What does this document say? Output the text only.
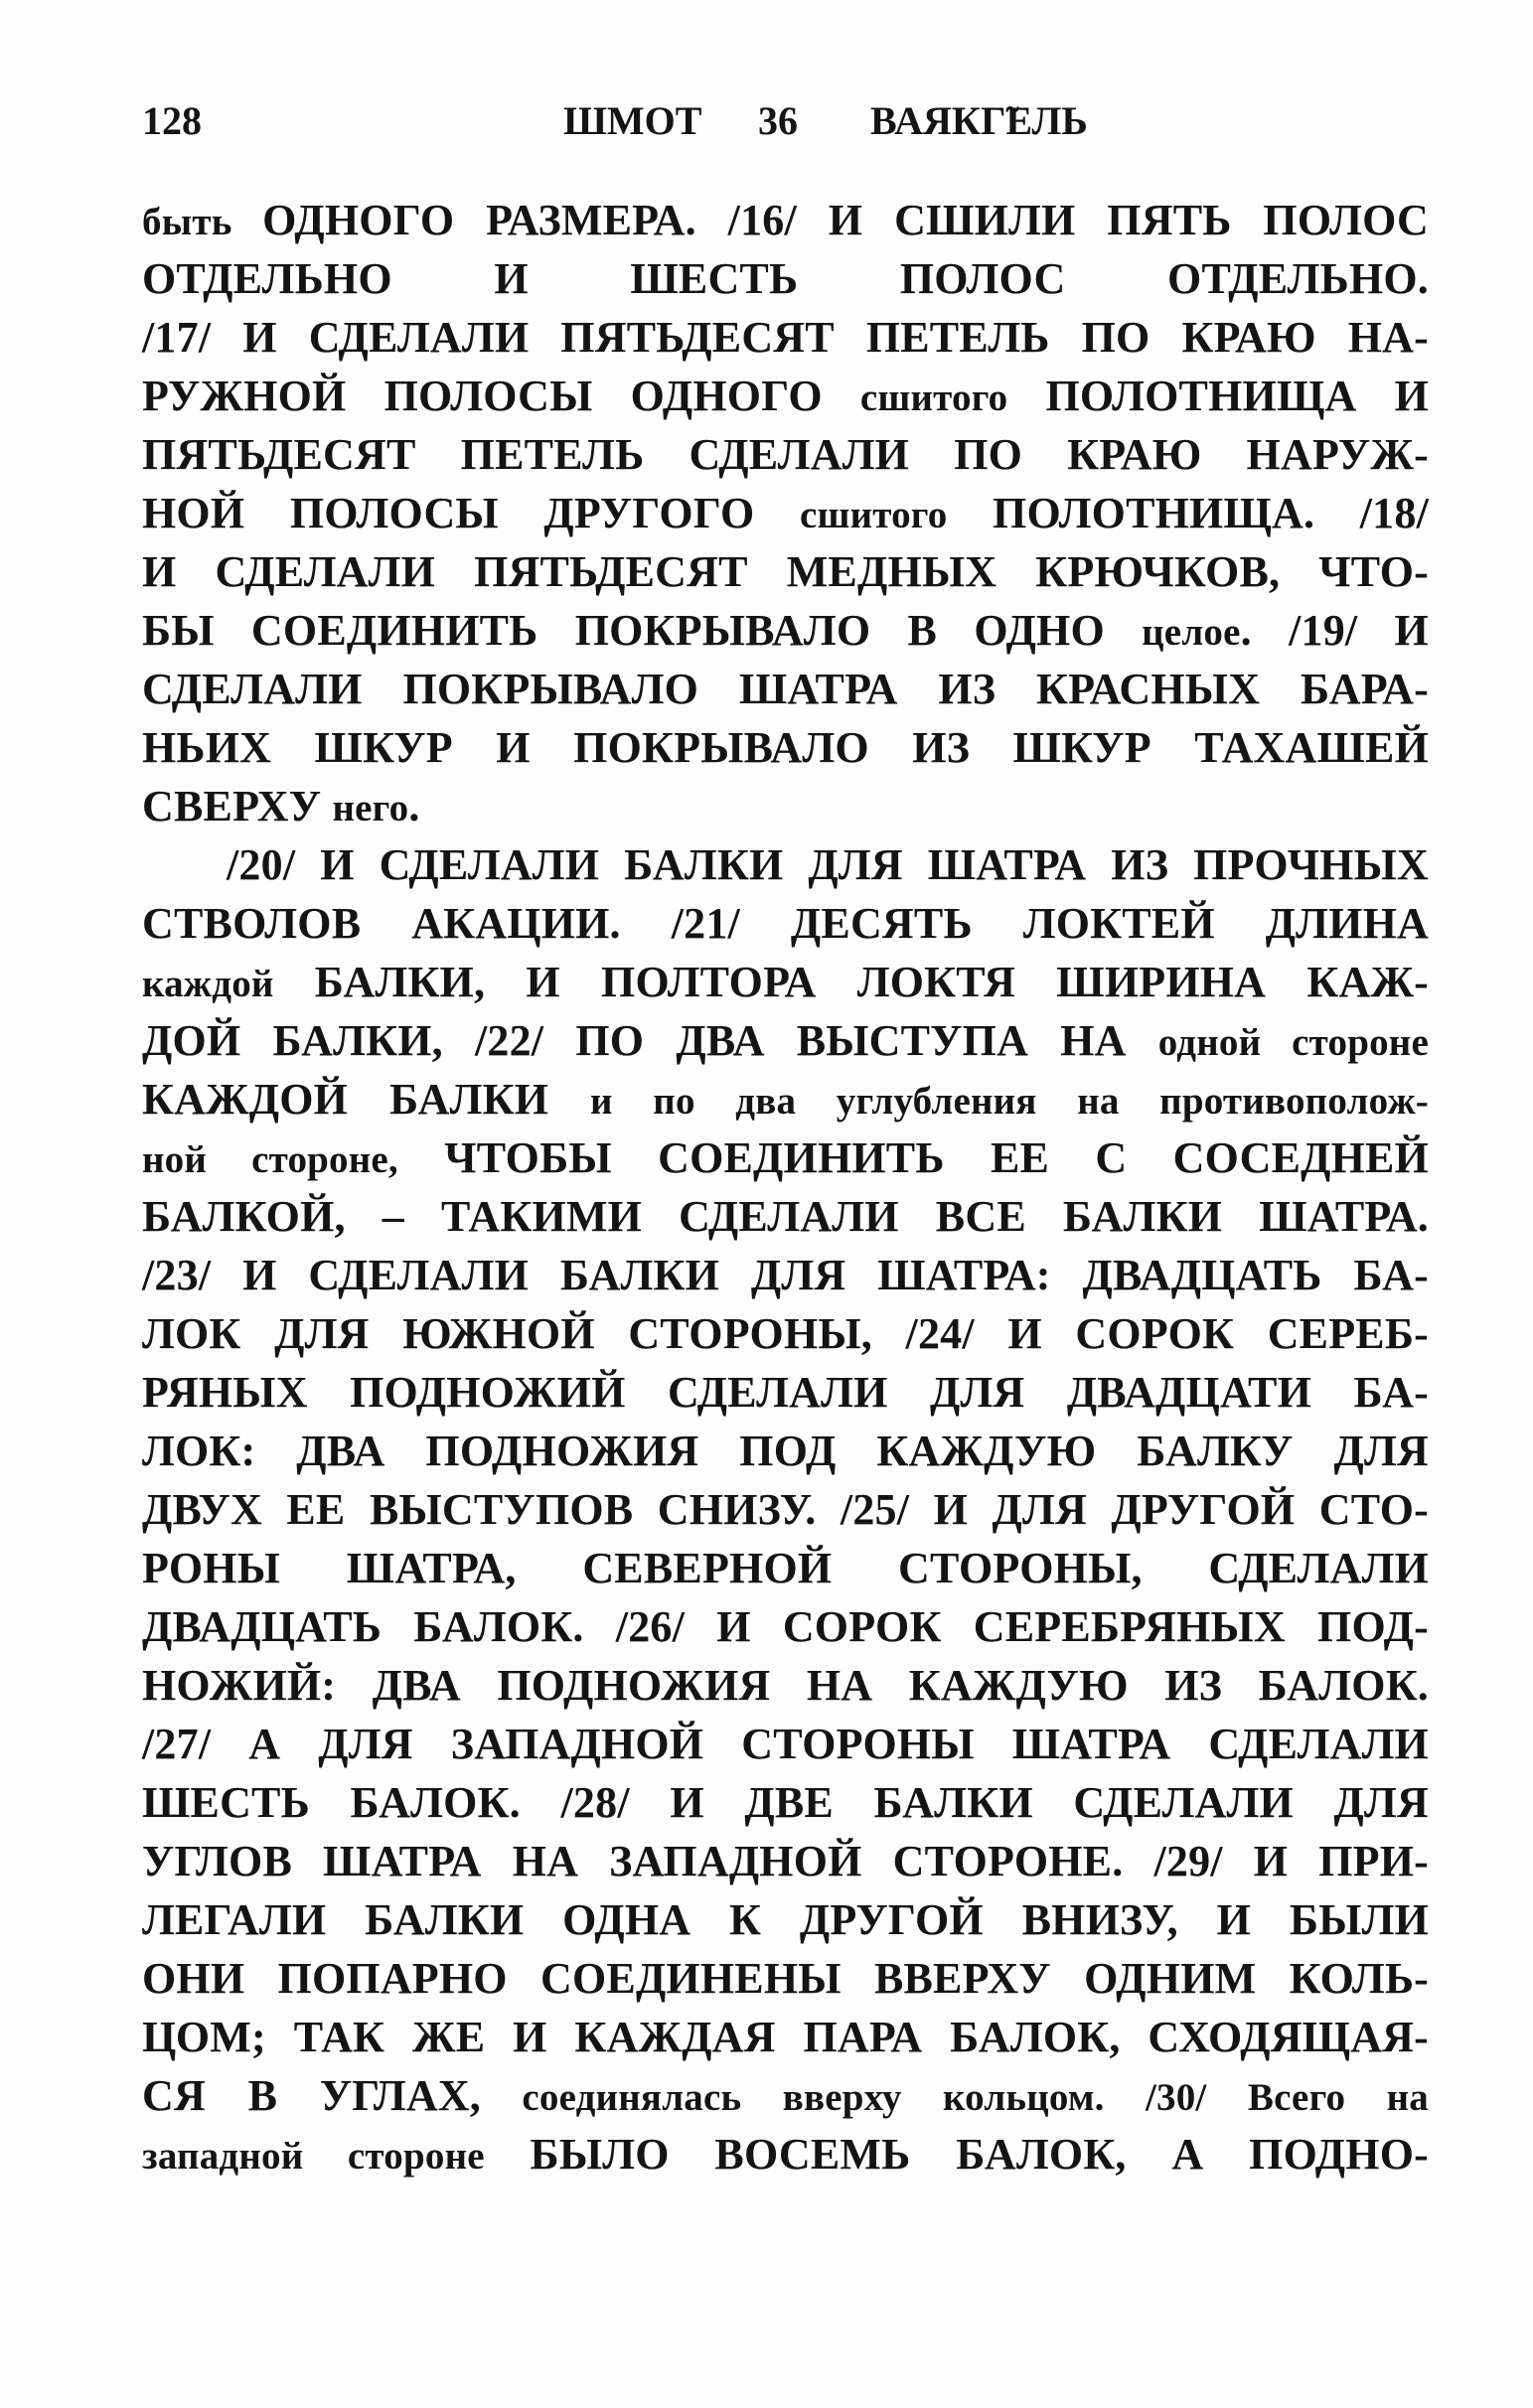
128	ШМОТ 36 ВАЯКГ̃ЕЛЬ
быть ОДНОГО РАЗМЕРА. /16/ И СШИЛИ ПЯТЬ ПОЛОС
ОТДЕЛЬНО И ШЕСТЬ ПОЛОС ОТДЕЛЬНО.
/17/ И СДЕЛАЛИ ПЯТЬДЕСЯТ ПЕТЕЛЬ ПО КРАЮ НА-
РУЖНОЙ ПОЛОСЫ ОДНОГО сшитого ПОЛОТНИЩА И
ПЯТЬДЕСЯТ ПЕТЕЛЬ СДЕЛАЛИ ПО КРАЮ НАРУЖ-
НОЙ ПОЛОСЫ ДРУГОГО сшитого ПОЛОТНИЩА. /18/
И СДЕЛАЛИ ПЯТЬДЕСЯТ МЕДНЫХ КРЮЧКОВ, ЧТО-
БЫ СОЕДИНИТЬ ПОКРЫВАЛО В ОДНО целое. /19/ И
СДЕЛАЛИ ПОКРЫВАЛО ШАТРА ИЗ КРАСНЫХ БАРА-
НЬИХ ШКУР И ПОКРЫВАЛО ИЗ ШКУР ТАХАШЕЙ
СВЕРХУ него.
/20/ И СДЕЛАЛИ БАЛКИ ДЛЯ ШАТРА ИЗ ПРОЧНЫХ
СТВОЛОВ АКАЦИИ. /21/ ДЕСЯТЬ ЛОКТЕЙ ДЛИНА
каждой БАЛКИ, И ПОЛТОРА ЛОКТЯ ШИРИНА КАЖ-
ДОЙ БАЛКИ, /22/ ПО ДВА ВЫСТУПА НА одной стороне
КАЖДОЙ БАЛКИ и по два углубления на противополож-
ной стороне, ЧТОБЫ СОЕДИНИТЬ ЕЕ С СОСЕДНЕЙ
БАЛКОЙ, – ТАКИМИ СДЕЛАЛИ ВСЕ БАЛКИ ШАТРА.
/23/ И СДЕЛАЛИ БАЛКИ ДЛЯ ШАТРА: ДВАДЦАТЬ БА-
ЛОК ДЛЯ ЮЖНОЙ СТОРОНЫ, /24/ И СОРОК СЕРЕБ-
РЯНЫХ ПОДНОЖИЙ СДЕЛАЛИ ДЛЯ ДВАДЦАТИ БА-
ЛОК: ДВА ПОДНОЖИЯ ПОД КАЖДУЮ БАЛКУ ДЛЯ
ДВУХ ЕЕ ВЫСТУПОВ СНИЗУ. /25/ И ДЛЯ ДРУГОЙ СТО-
РОНЫ ШАТРА, СЕВЕРНОЙ СТОРОНЫ, СДЕЛАЛИ
ДВАДЦАТЬ БАЛОК. /26/ И СОРОК СЕРЕБРЯНЫХ ПОД-
НОЖИЙ: ДВА ПОДНОЖИЯ НА КАЖДУЮ ИЗ БАЛОК.
/27/ А ДЛЯ ЗАПАДНОЙ СТОРОНЫ ШАТРА СДЕЛАЛИ
ШЕСТЬ БАЛОК. /28/ И ДВЕ БАЛКИ СДЕЛАЛИ ДЛЯ
УГЛОВ ШАТРА НА ЗАПАДНОЙ СТОРОНЕ. /29/ И ПРИ-
ЛЕГАЛИ БАЛКИ ОДНА К ДРУГОЙ ВНИЗУ, И БЫЛИ
ОНИ ПОПАРНО СОЕДИНЕНЫ ВВЕРХУ ОДНИМ КОЛЬ-
ЦОМ; ТАК ЖЕ И КАЖДАЯ ПАРА БАЛОК, СХОДЯЩАЯ-
СЯ В УГЛАХ, соединялась вверху кольцом. /30/ Всего на
западной стороне БЫЛО ВОСЕМЬ БАЛОК, А ПОДНО-
